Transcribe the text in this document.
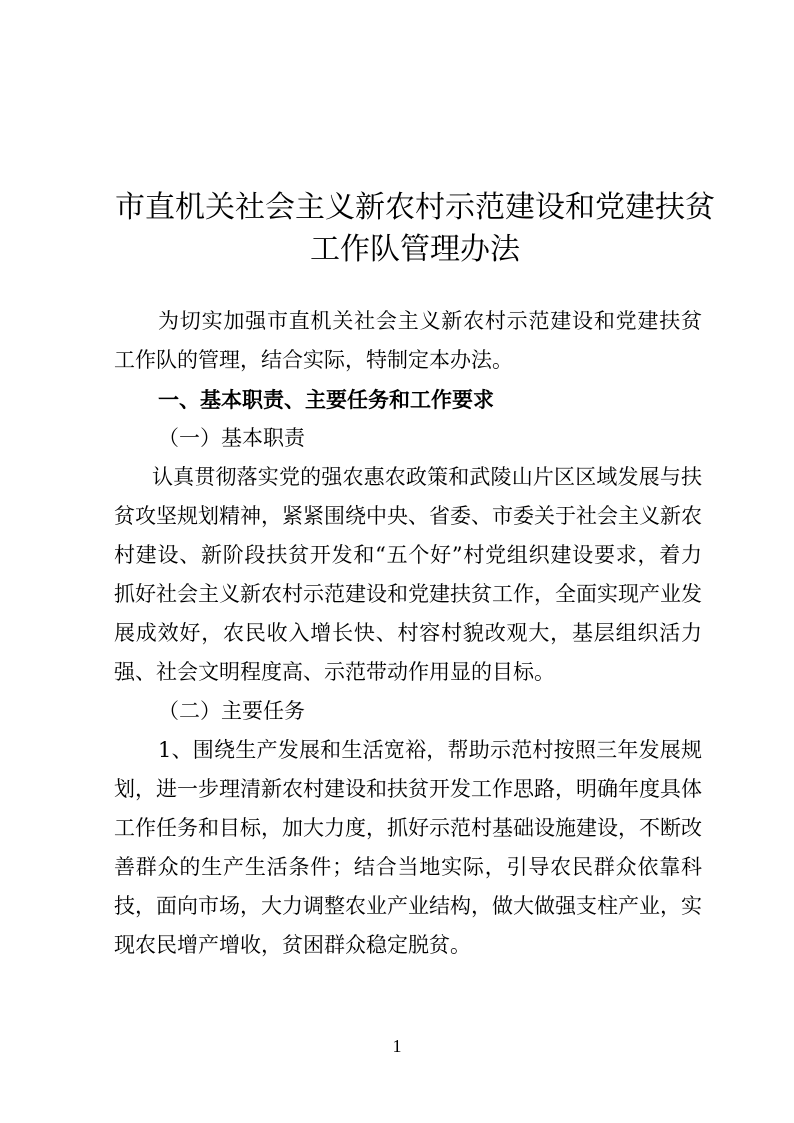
市直机关社会主义新农村示范建设和党建扶贫
工作队管理办法

为切实加强市直机关社会主义新农村示范建设和党建扶贫工作队的管理，结合实际，特制定本办法。

一、基本职责、主要任务和工作要求

（一）基本职责

认真贯彻落实党的强农惠农政策和武陵山片区区域发展与扶贫攻坚规划精神，紧紧围绕中央、省委、市委关于社会主义新农村建设、新阶段扶贫开发和“五个好”村党组织建设要求，着力抓好社会主义新农村示范建设和党建扶贫工作，全面实现产业发展成效好，农民收入增长快、村容村貌改观大，基层组织活力强、社会文明程度高、示范带动作用显的目标。

（二）主要任务

1、围绕生产发展和生活宽裕，帮助示范村按照三年发展规划，进一步理清新农村建设和扶贫开发工作思路，明确年度具体工作任务和目标，加大力度，抓好示范村基础设施建设，不断改善群众的生产生活条件；结合当地实际，引导农民群众依靠科技，面向市场，大力调整农业产业结构，做大做强支柱产业，实现农民增产增收，贫困群众稳定脱贫。

1
